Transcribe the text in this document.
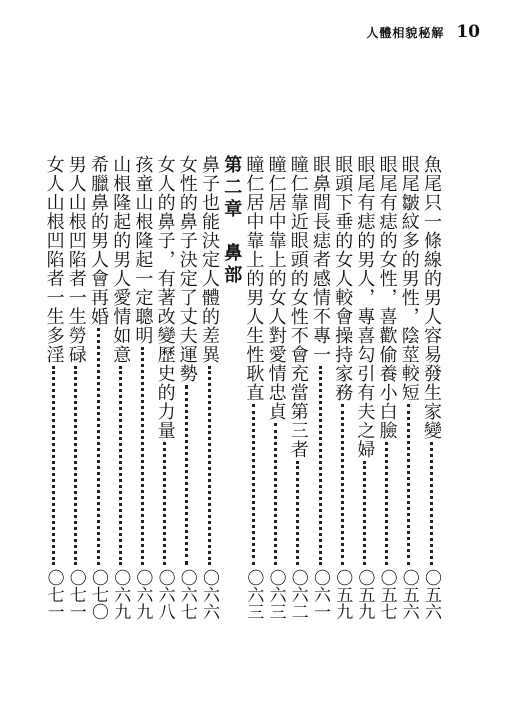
人體相貌秘解 10
魚尾只一條線的男人容易發生家變
〇五六
眼尾皺紋多的男性，陰莖較短
〇五六
眼尾有痣的女性，喜歡偷養小白臉
〇五七
眼尾有痣的男人，專喜勾引有夫之婦
〇五九
眼頭下垂的女人較會操持家務
〇五九
眼鼻間長痣者感情不專一
〇六一
瞳仁靠近眼頭的女性不會充當第三者
〇六二
瞳仁居中靠上的女人對愛情忠貞
〇六三
瞳仁居中靠上的男人生性耿直
〇六三
第二章　鼻部
鼻子也能決定人體的差異
〇六六
女性的鼻子決定了丈夫運勢
〇六七
女人的鼻子，有著改變歷史的力量
〇六八
孩童山根隆起一定聰明
〇六九
山根隆起的男人愛情如意
〇六九
希臘鼻的男人會再婚
〇七〇
男人山根凹陷者一生勞碌
〇七一
女人山根凹陷者一生多淫
〇七一
